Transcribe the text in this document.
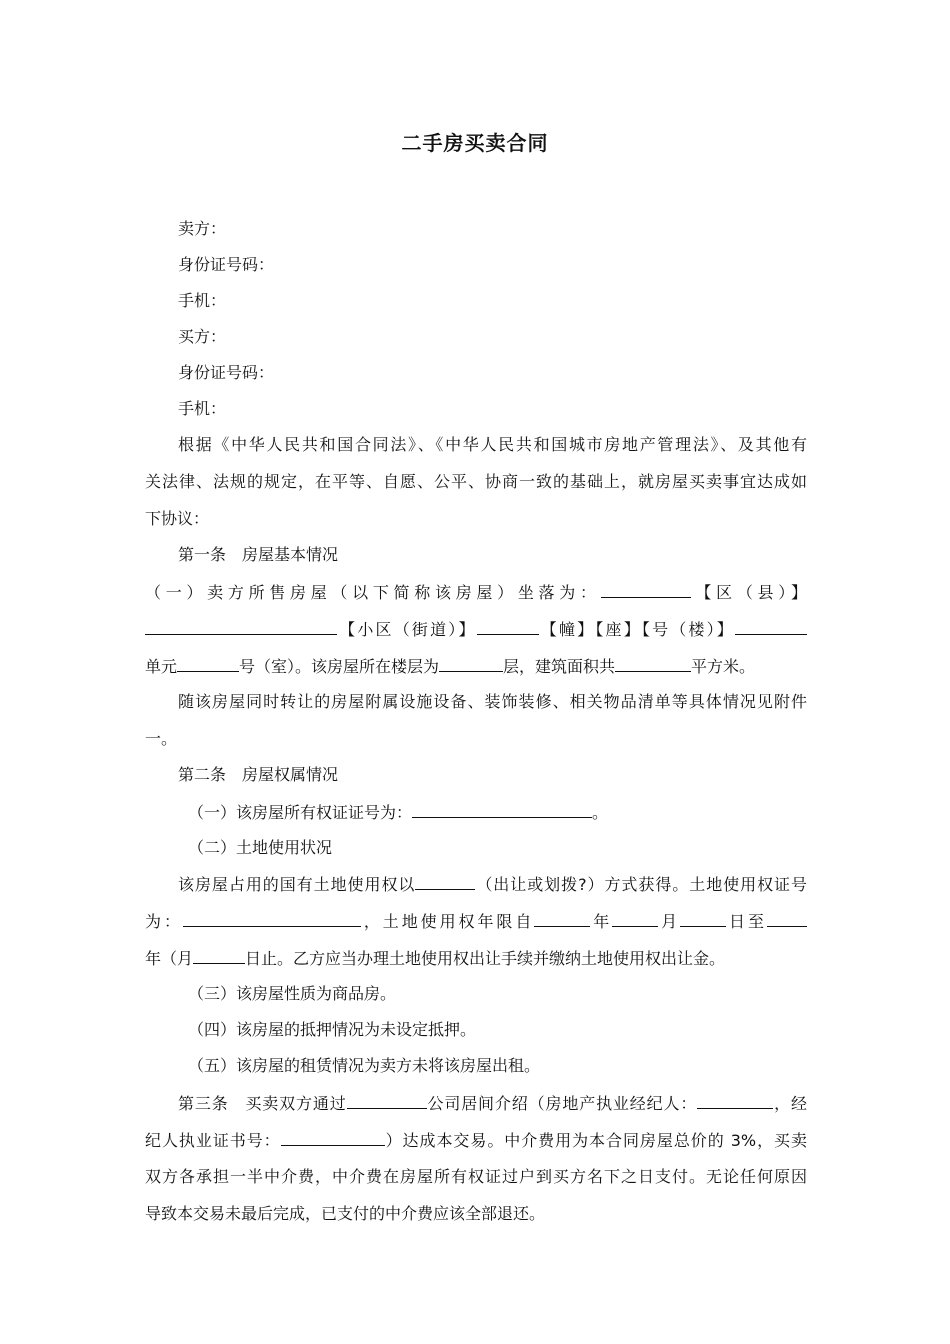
二手房买卖合同
卖方：
身份证号码：
手机：
买方：
身份证号码：
手机：
根据《中华人民共和国合同法》、《中华人民共和国城市房地产管理法》、及其他有
关法律、法规的规定，在平等、自愿、公平、协商一致的基础上，就房屋买卖事宜达成如
下协议：
第一条　房屋基本情况
（一）卖方所售房屋（以下简称该房屋）坐落为：	【区（县）】
【小区（街道）】	【幢】【座】【号（楼）】
单元	号（室）。该房屋所在楼层为	层，建筑面积共	平方米。
随该房屋同时转让的房屋附属设施设备、装饰装修、相关物品清单等具体情况见附件
一。
第二条　房屋权属情况
（一）该房屋所有权证证号为：	。
（二）土地使用状况
该房屋占用的国有土地使用权以	（出让或划拨?）方式获得。土地使用权证号
为：	，土地使用权年限自	年	月	日至
年（月	日止。乙方应当办理土地使用权出让手续并缴纳土地使用权出让金。
（三）该房屋性质为商品房。
（四）该房屋的抵押情况为未设定抵押。
（五）该房屋的租赁情况为卖方未将该房屋出租。
第三条　买卖双方通过	公司居间介绍（房地产执业经纪人：	，经
纪人执业证书号：	）达成本交易。中介费用为本合同房屋总价的 3%，买卖
双方各承担一半中介费，中介费在房屋所有权证过户到买方名下之日支付。无论任何原因
导致本交易未最后完成，已支付的中介费应该全部退还。
